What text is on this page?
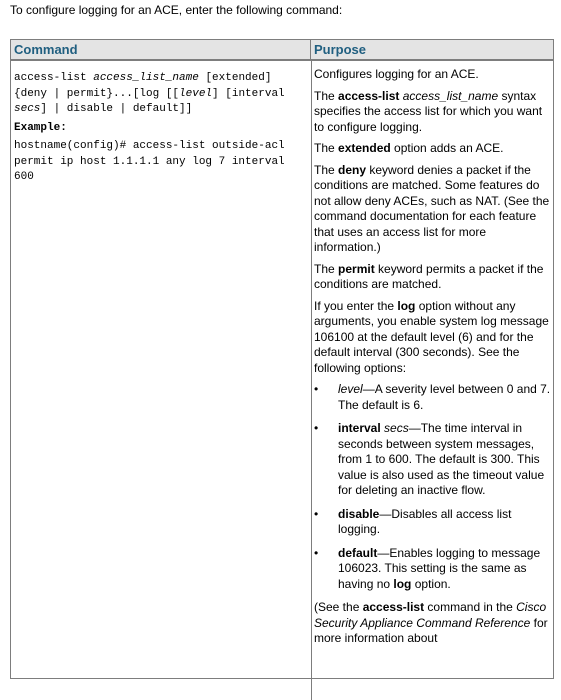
To configure logging for an ACE, enter the following command:
Command	Purpose
access-list access_list_name [extended]
{deny | permit}...[log [[level] [interval
secs] | disable | default]]
Example:
hostname(config)# access-list outside-acl
permit ip host 1.1.1.1 any log 7 interval
600

Configures logging for an ACE.

The access-list access_list_name syntax specifies the access list for which you want to configure logging.

The extended option adds an ACE.

The deny keyword denies a packet if the conditions are matched. Some features do not allow deny ACEs, such as NAT. (See the command documentation for each feature that uses an access list for more information.)

The permit keyword permits a packet if the conditions are matched.

If you enter the log option without any arguments, you enable system log message 106100 at the default level (6) and for the default interval (300 seconds). See the following options:

• level—A severity level between 0 and 7. The default is 6.
• interval secs—The time interval in seconds between system messages, from 1 to 600. The default is 300. This value is also used as the timeout value for deleting an inactive flow.
• disable—Disables all access list logging.
• default—Enables logging to message 106023. This setting is the same as having no log option.

(See the access-list command in the Cisco Security Appliance Command Reference for more information about
